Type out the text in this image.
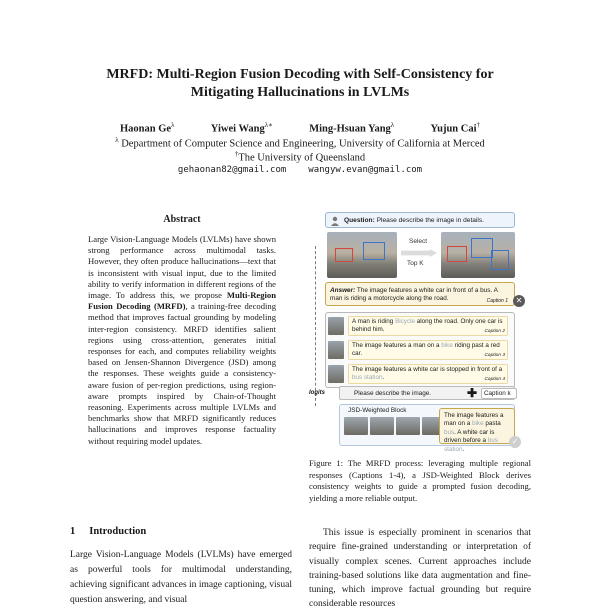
MRFD: Multi-Region Fusion Decoding with Self-Consistency for
Mitigating Hallucinations in LVLMs
Haonan $Ge^\lambda$	Yiwei Wang$^{\lambda∗}$	Ming-Hsuan Yang$^\lambda$	Yujun Cai†
$^\lambda$ Department of Computer Science and Engineering, University of California at Merced
†The University of Queensland
gehaonan82@gmail.com wangyw.evan@gmail.com
Abstract
Large Vision-Language Models (LVLMs) have shown strong performance across multimodal tasks. However, they often produce hallucinations—text that is inconsistent with visual input, due to the limited ability to verify information in different regions of the image. To address this, we propose Multi-Region Fusion Decoding (MRFD), a training-free decoding method that improves factual grounding by modeling inter-region consistency. MRFD identifies salient regions using cross-attention, generates initial responses for each, and computes reliability weights based on Jensen-Shannon Divergence (JSD) among the responses. These weights guide a consistency-aware fusion of per-region predictions, using region-aware prompts inspired by Chain-of-Thought reasoning. Experiments across multiple LVLMs and benchmarks show that MRFD significantly reduces hallucinations and improves response factuality without requiring model updates.
Question: Please describe the image in details.
Select
Top K
Answer: The image features a white car in front of a bus. A man is riding a motorcycle along the road.	Caption 1 ✕
A man is riding Bicycle along the road. Only one car is behind him.	Caption 2
The image features a man on a bike riding past a red car.	Caption 3
The image features a white car is stopped in front of a bus station.	Caption 4
logits	Please describe the image.	✚	Caption k
JSD-Weighted Block
The image features a man on a bike pasta bus. A white car is driven before a bus station.
✓
Figure 1: The MRFD process: leveraging multiple regional responses (Captions 1-4), a JSD-Weighted Block derives consistency weights to guide a prompted fusion decoding, yielding a more reliable output.
1 Introduction
Large Vision-Language Models (LVLMs) have emerged as powerful tools for multimodal understanding, achieving significant advances in image captioning, visual question answering, and visual
This issue is especially prominent in scenarios that require fine-grained understanding or interpretation of visually complex scenes. Current approaches include training-based solutions like data augmentation and fine-tuning, which improve factual grounding but require considerable resources
